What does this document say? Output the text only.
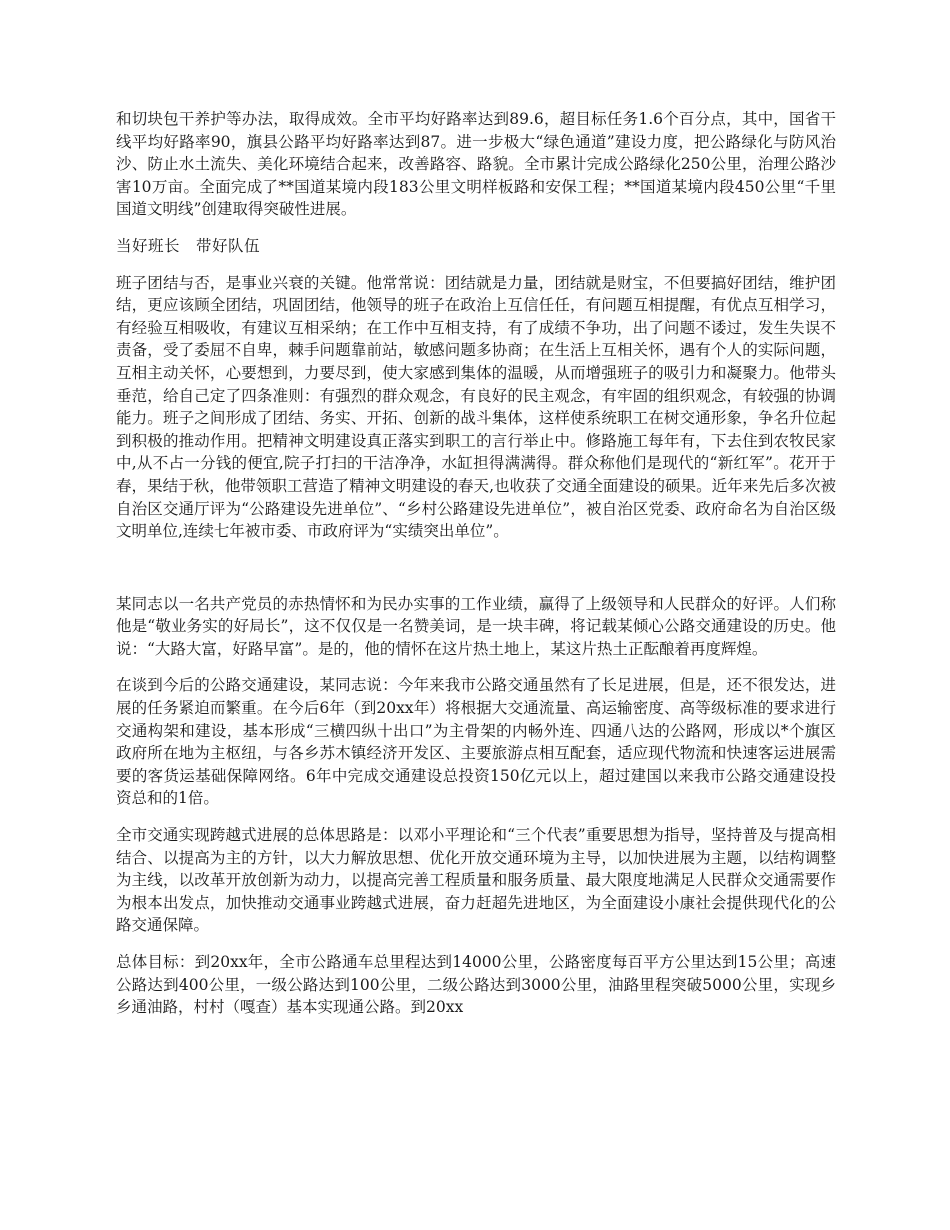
和切块包干养护等办法，取得成效。全市平均好路率达到89.6，超目标任务1.6个百分点，其中，国省干线平均好路率90，旗县公路平均好路率达到87。进一步极大“绿色通道”建设力度，把公路绿化与防风治沙、防止水土流失、美化环境结合起来，改善路容、路貌。全市累计完成公路绿化250公里，治理公路沙害10万亩。全面完成了**国道某境内段183公里文明样板路和安保工程；**国道某境内段450公里“千里国道文明线”创建取得突破性进展。

当好班长　带好队伍

班子团结与否，是事业兴衰的关键。他常常说：团结就是力量，团结就是财宝，不但要搞好团结，维护团结，更应该顾全团结，巩固团结，他领导的班子在政治上互信任任，有问题互相提醒，有优点互相学习，有经验互相吸收，有建议互相采纳；在工作中互相支持，有了成绩不争功，出了问题不诿过，发生失误不责备，受了委屈不自卑，棘手问题靠前站，敏感问题多协商；在生活上互相关怀，遇有个人的实际问题，互相主动关怀，心要想到，力要尽到，使大家感到集体的温暖，从而增强班子的吸引力和凝聚力。他带头垂范，给自己定了四条准则：有强烈的群众观念，有良好的民主观念，有牢固的组织观念，有较强的协调能力。班子之间形成了团结、务实、开拓、创新的战斗集体，这样使系统职工在树交通形象，争名升位起到积极的推动作用。把精神文明建设真正落实到职工的言行举止中。修路施工每年有，下去住到农牧民家中,从不占一分钱的便宜,院子打扫的干洁净净，水缸担得满满得。群众称他们是现代的“新红军”。花开于春，果结于秋，他带领职工营造了精神文明建设的春天,也收获了交通全面建设的硕果。近年来先后多次被自治区交通厅评为“公路建设先进单位”、“乡村公路建设先进单位”，被自治区党委、政府命名为自治区级文明单位,连续七年被市委、市政府评为“实绩突出单位”。

某同志以一名共产党员的赤热情怀和为民办实事的工作业绩，赢得了上级领导和人民群众的好评。人们称他是“敬业务实的好局长”，这不仅仅是一名赞美词，是一块丰碑，将记载某倾心公路交通建设的历史。他说：“大路大富，好路早富”。是的，他的情怀在这片热土地上，某这片热土正酝酿着再度辉煌。

在谈到今后的公路交通建设，某同志说：今年来我市公路交通虽然有了长足进展，但是，还不很发达，进展的任务紧迫而繁重。在今后6年（到20xx年）将根据大交通流量、高运输密度、高等级标准的要求进行交通构架和建设，基本形成“三横四纵十出口”为主骨架的内畅外连、四通八达的公路网，形成以*个旗区政府所在地为主枢纽，与各乡苏木镇经济开发区、主要旅游点相互配套，适应现代物流和快速客运进展需要的客货运基础保障网络。6年中完成交通建设总投资150亿元以上，超过建国以来我市公路交通建设投资总和的1倍。

全市交通实现跨越式进展的总体思路是：以邓小平理论和“三个代表”重要思想为指导，坚持普及与提高相结合、以提高为主的方针，以大力解放思想、优化开放交通环境为主导，以加快进展为主题，以结构调整为主线，以改革开放创新为动力，以提高完善工程质量和服务质量、最大限度地满足人民群众交通需要作为根本出发点，加快推动交通事业跨越式进展，奋力赶超先进地区，为全面建设小康社会提供现代化的公路交通保障。

总体目标：到20xx年，全市公路通车总里程达到14000公里，公路密度每百平方公里达到15公里；高速公路达到400公里，一级公路达到100公里，二级公路达到3000公里，油路里程突破5000公里，实现乡乡通油路，村村（嘎查）基本实现通公路。到20xx
